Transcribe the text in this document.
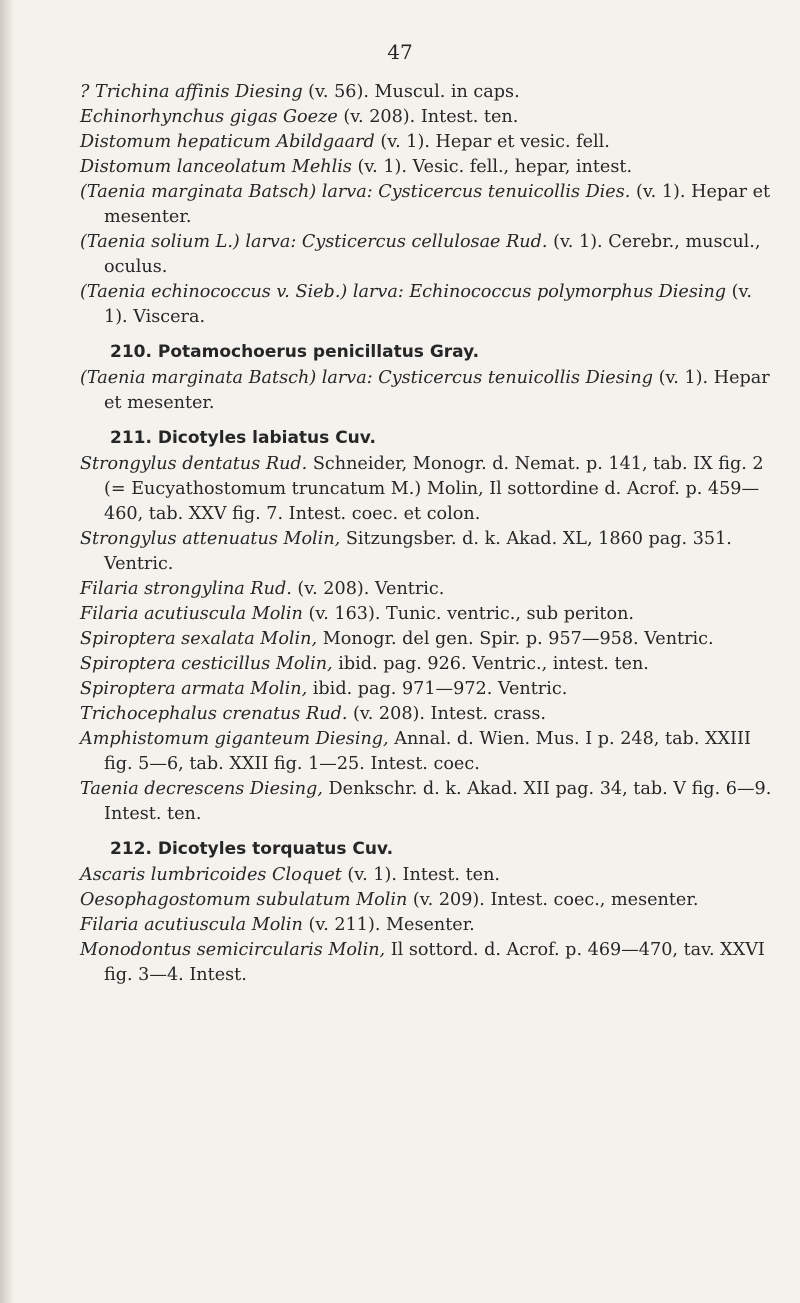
47

? Trichina affinis Diesing (v. 56). Muscul. in caps.

Echinorhynchus gigas Goeze (v. 208). Intest. ten.

Distomum hepaticum Abildgaard (v. 1). Hepar et vesic. fell.

Distomum lanceolatum Mehlis (v. 1). Vesic. fell., hepar, intest.

(Taenia marginata Batsch) larva: Cysticercus tenuicollis Dies. (v. 1). Hepar et mesenter.

(Taenia solium L.) larva: Cysticercus cellulosae Rud. (v. 1). Cerebr., muscul., oculus.

(Taenia echinococcus v. Sieb.) larva: Echinococcus polymorphus Diesing (v. 1). Viscera.

210. Potamochoerus penicillatus Gray.

(Taenia marginata Batsch) larva: Cysticercus tenuicollis Diesing (v. 1). Hepar et mesenter.

211. Dicotyles labiatus Cuv.

Strongylus dentatus Rud. Schneider, Monogr. d. Nemat. p. 141, tab. IX fig. 2 (= Eucyathostomum truncatum M.) Molin, Il sottordine d. Acrof. p. 459—460, tab. XXV fig. 7. Intest. coec. et colon.

Strongylus attenuatus Molin, Sitzungsber. d. k. Akad. XL, 1860 pag. 351. Ventric.

Filaria strongylina Rud. (v. 208). Ventric.

Filaria acutiuscula Molin (v. 163). Tunic. ventric., sub periton.

Spiroptera sexalata Molin, Monogr. del gen. Spir. p. 957—958. Ventric.

Spiroptera cesticillus Molin, ibid. pag. 926. Ventric., intest. ten.

Spiroptera armata Molin, ibid. pag. 971—972. Ventric.

Trichocephalus crenatus Rud. (v. 208). Intest. crass.

Amphistomum giganteum Diesing, Annal. d. Wien. Mus. I p. 248, tab. XXIII fig. 5—6, tab. XXII fig. 1—25. Intest. coec.

Taenia decrescens Diesing, Denkschr. d. k. Akad. XII pag. 34, tab. V fig. 6—9. Intest. ten.

212. Dicotyles torquatus Cuv.

Ascaris lumbricoides Cloquet (v. 1). Intest. ten.

Oesophagostomum subulatum Molin (v. 209). Intest. coec., mesenter.

Filaria acutiuscula Molin (v. 211). Mesenter.

Monodontus semicircularis Molin, Il sottord. d. Acrof. p. 469—470, tav. XXVI fig. 3—4. Intest.
